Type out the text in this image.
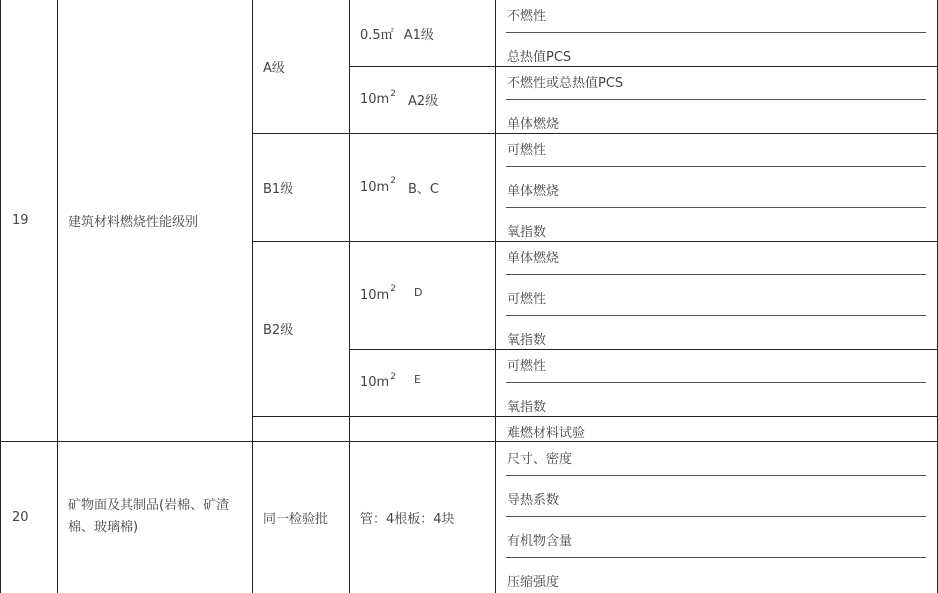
19	建筑材料燃烧性能级别
A级
B1级
B2级
0.5㎡ A1级
10m 2
A2级
10m 2
B、C
10m 2 D
10m 2 E
不燃性
总热值PCS
不燃性或总热值PCS
单体燃烧
可燃性
单体燃烧
氧指数
单体燃烧
可燃性
氧指数
可燃性
氧指数
难燃材料试验
20
矿物面及其制品(岩棉、矿渣棉、玻璃棉)
同一检验批 管：4根板：4块
尺寸、密度
导热系数
有机物含量
压缩强度
